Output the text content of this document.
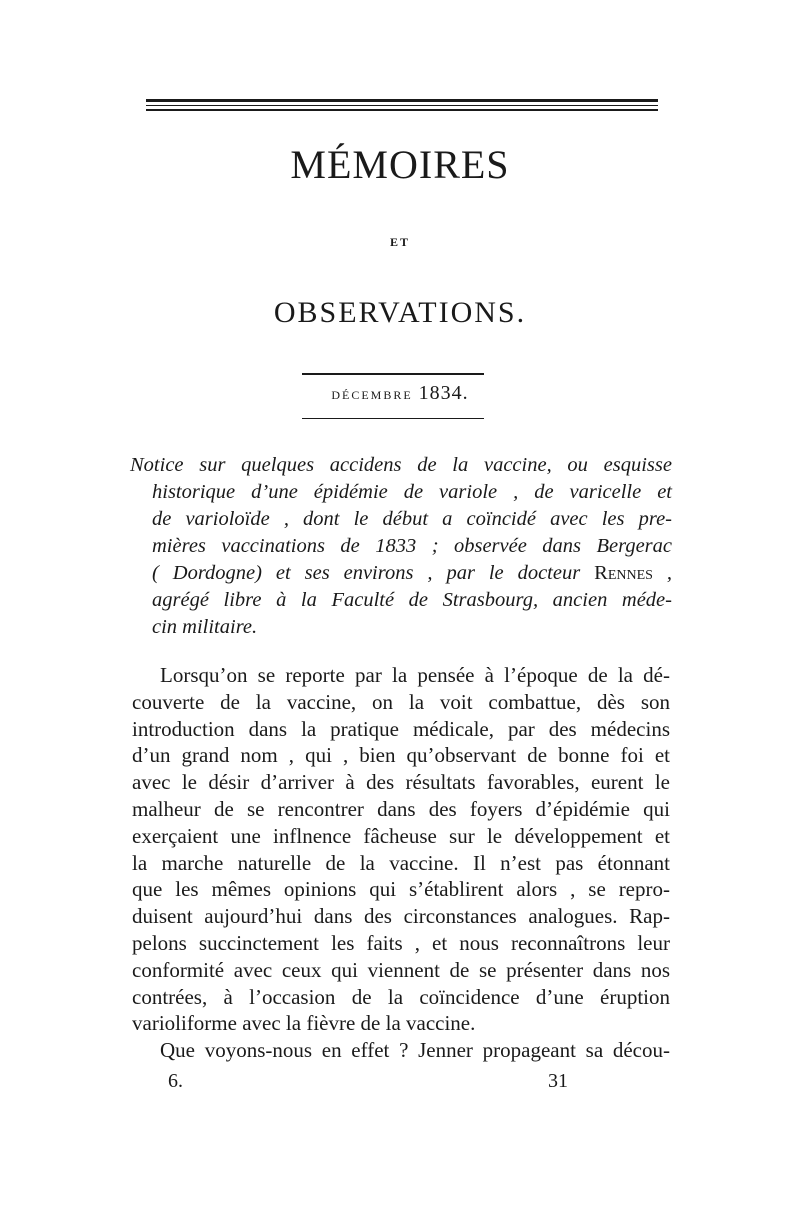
MÉMOIRES
ET
OBSERVATIONS.
décembre 1834.
Notice sur quelques accidens de la vaccine, ou esquisse
historique d’une épidémie de variole , de varicelle et
de varioloïde , dont le début a coïncidé avec les pre-
mières vaccinations de 1833 ; observée dans Bergerac
( Dordogne) et ses environs , par le docteur Rennes ,
agrégé libre à la Faculté de Strasbourg, ancien méde-
cin militaire.
Lorsqu’on se reporte par la pensée à l’époque de la dé-
couverte de la vaccine, on la voit combattue, dès son
introduction dans la pratique médicale, par des médecins
d’un grand nom , qui , bien qu’observant de bonne foi et
avec le désir d’arriver à des résultats favorables, eurent le
malheur de se rencontrer dans des foyers d’épidémie qui
exerçaient une inflnence fâcheuse sur le développement et
la marche naturelle de la vaccine. Il n’est pas étonnant
que les mêmes opinions qui s’établirent alors , se repro-
duisent aujourd’hui dans des circonstances analogues. Rap-
pelons succinctement les faits , et nous reconnaîtrons leur
conformité avec ceux qui viennent de se présenter dans nos
contrées, à l’occasion de la coïncidence d’une éruption
varioliforme avec la fièvre de la vaccine.
Que voyons-nous en effet ? Jenner propageant sa décou-
6.	31
